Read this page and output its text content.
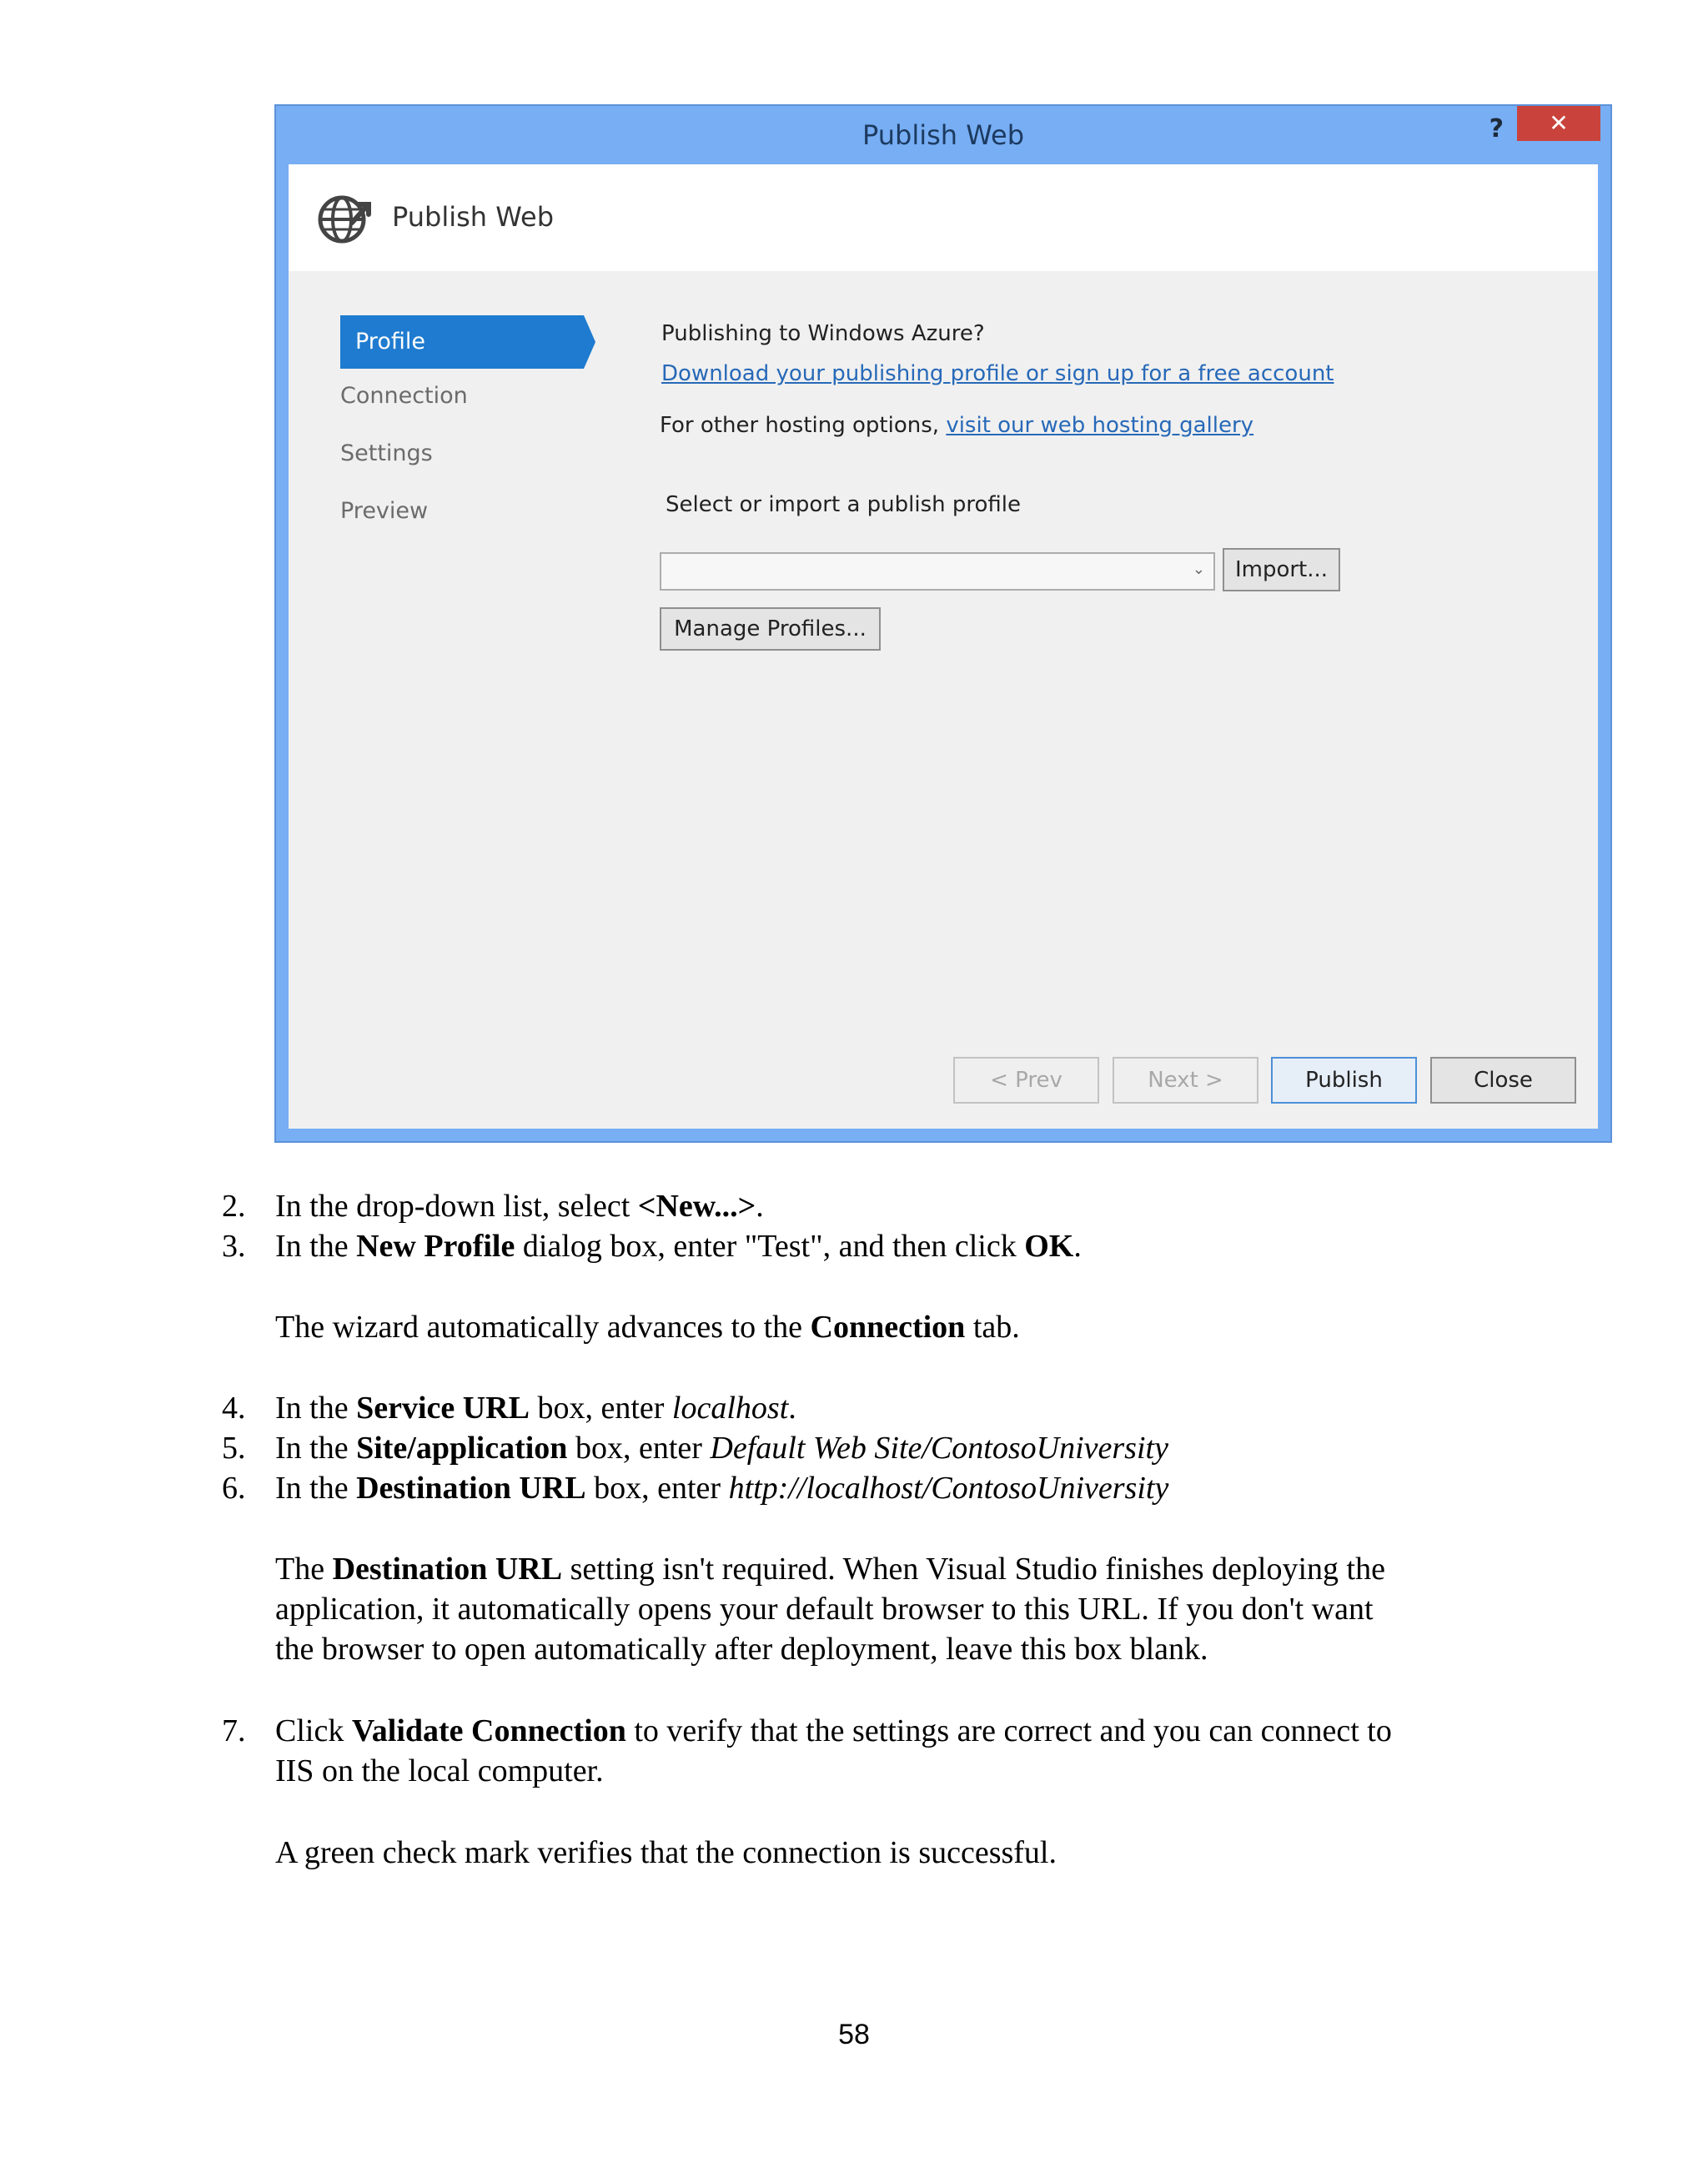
Publish Web	?	✕
Publish Web
Profile
Connection
Settings
Preview
Publishing to Windows Azure?
Download your publishing profile or sign up for a free account
For other hosting options, visit our web hosting gallery
Select or import a publish profile
⌄	Import...
Manage Profiles...
< Prev	Next >	Publish	Close
2. In the drop-down list, select <New...>.
3. In the New Profile dialog box, enter "Test", and then click OK.
The wizard automatically advances to the Connection tab.
4. In the Service URL box, enter localhost.
5. In the Site/application box, enter Default Web Site/ContosoUniversity
6. In the Destination URL box, enter http://localhost/ContosoUniversity
The Destination URL setting isn't required. When Visual Studio finishes deploying the
application, it automatically opens your default browser to this URL. If you don't want
the browser to open automatically after deployment, leave this box blank.
7. Click Validate Connection to verify that the settings are correct and you can connect to
IIS on the local computer.
A green check mark verifies that the connection is successful.
58
